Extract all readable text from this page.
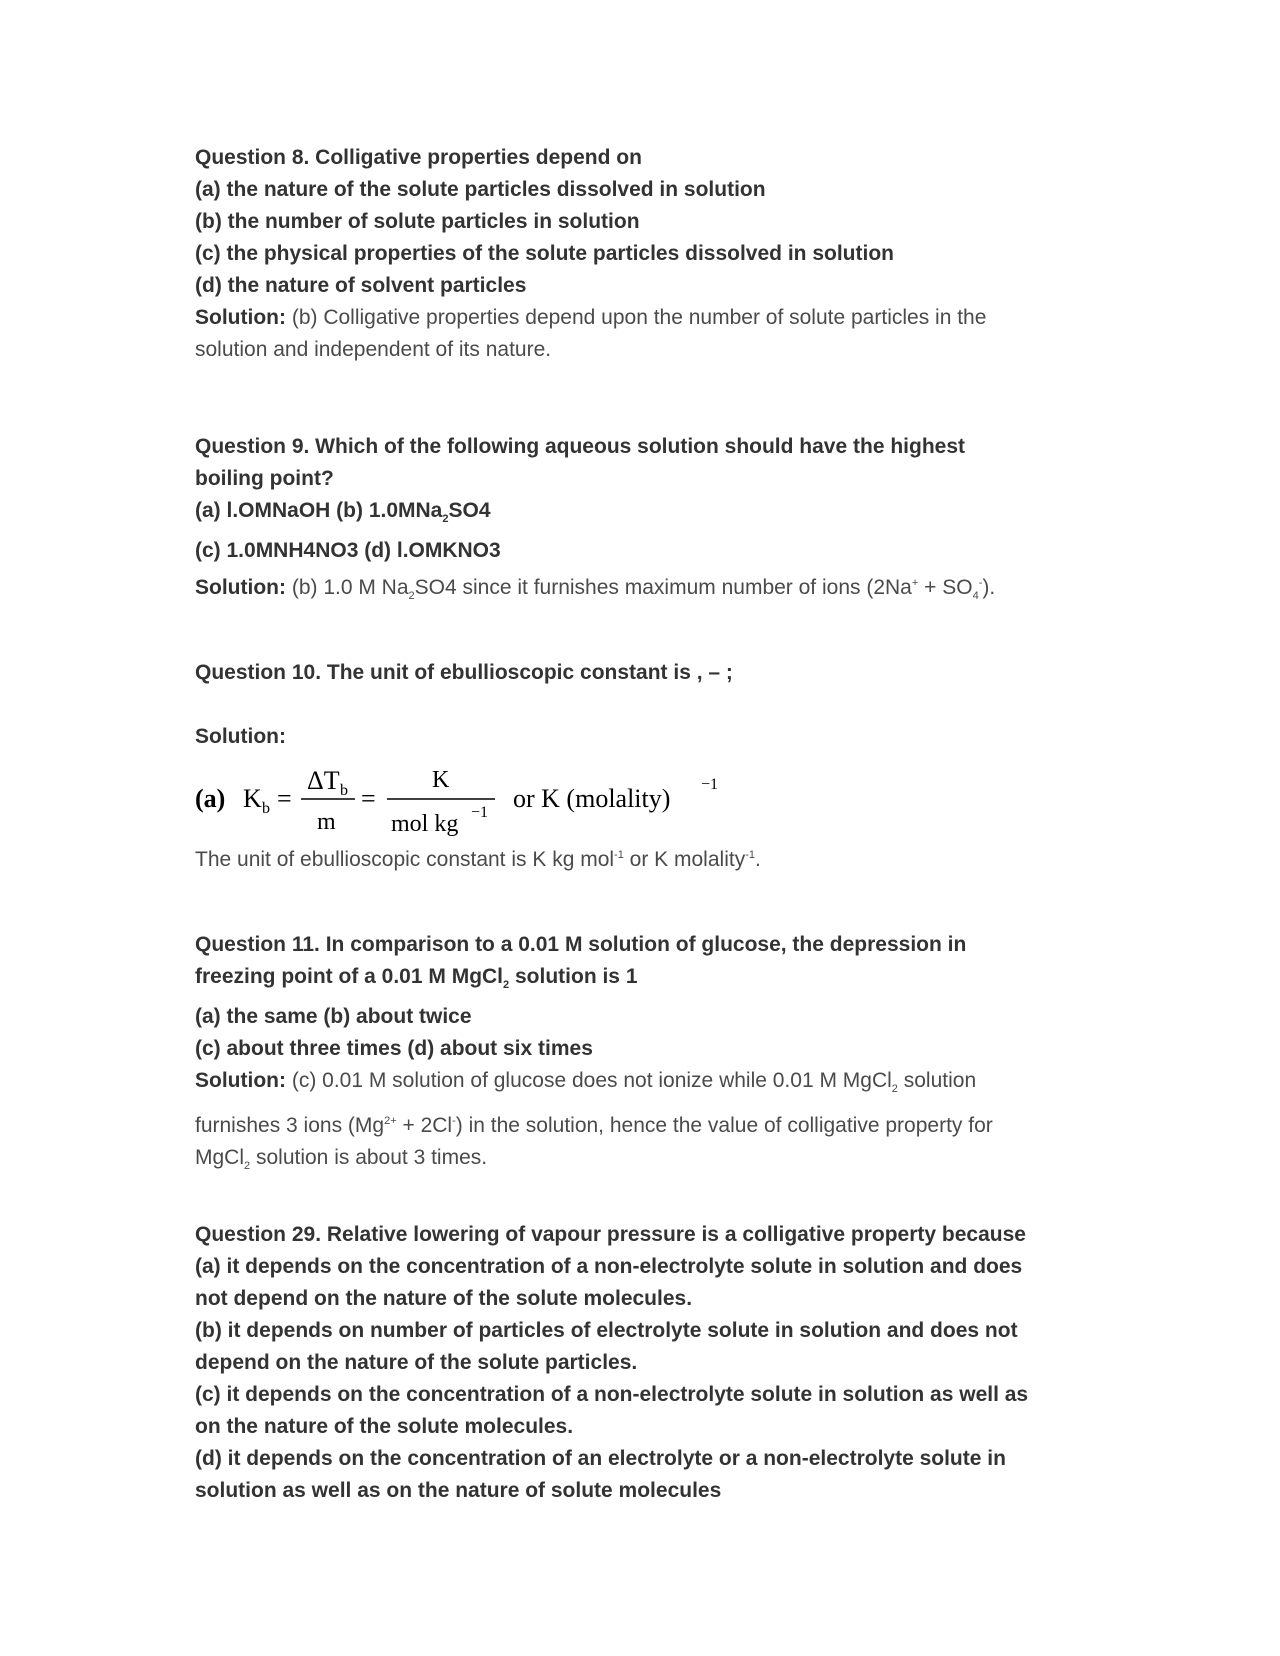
Question 8. Colligative properties depend on
(a) the nature of the solute particles dissolved in solution
(b) the number of solute particles in solution
(c) the physical properties of the solute particles dissolved in solution
(d) the nature of solvent particles
Solution: (b) Colligative properties depend upon the number of solute particles in the
solution and independent of its nature.
Question 9. Which of the following aqueous solution should have the highest
boiling point?
(a) l.OMNaOH (b) 1.0MNa$_2$SO4
(c) 1.0MNH4NO3 (d) l.OMKNO3
Solution: (b) 1.0 M $Na_2SO4$ since it furnishes maximum number of ions $(2Na^+ + SO_4^-)$.
Question 10. The unit of ebullioscopic constant is , – ;
Solution:
(a) K b =
ΔT b
m
=
K
mol kg −1 or K (molality) −1
The unit of ebullioscopic constant is K kg mol$^{-1}$ or K molality$^{-1}$.
Question 11. In comparison to a 0.01 M solution of glucose, the depression in
freezing point of a 0.01 M MgCl$_2$ solution is 1
(a) the same (b) about twice
(c) about three times (d) about six times
Solution: (c) 0.01 M solution of glucose does not ionize while 0.01 M MgCl$_2$ solution
furnishes 3 ions $(Mg^{2+} + 2Cl^-)$ in the solution, hence the value of colligative property for
MgCl$_2$ solution is about 3 times.
Question 29. Relative lowering of vapour pressure is a colligative property because
(a) it depends on the concentration of a non-electrolyte solute in solution and does
not depend on the nature of the solute molecules.
(b) it depends on number of particles of electrolyte solute in solution and does not
depend on the nature of the solute particles.
(c) it depends on the concentration of a non-electrolyte solute in solution as well as
on the nature of the solute molecules.
(d) it depends on the concentration of an electrolyte or a non-electrolyte solute in
solution as well as on the nature of solute molecules
